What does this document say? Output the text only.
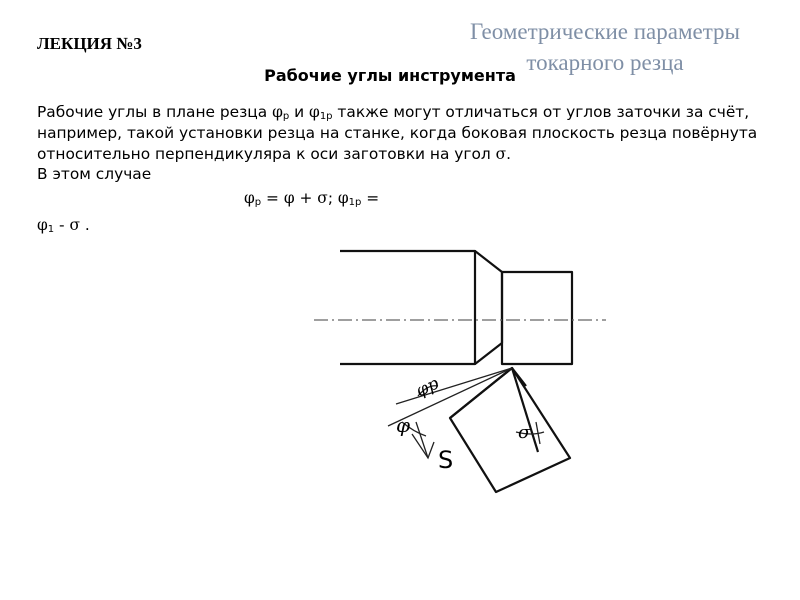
ЛЕКЦИЯ №3	Геометрические параметры токарного резца
Рабочие углы инструмента
Рабочие углы в плане резца $\varphi_р$ и $\varphi_{1р}$ также могут отличаться от углов заточки за счёт, например, такой установки резца на станке, когда боковая плоскость резца повёрнута относительно перпендикуляра к оси заготовки на угол σ.
В этом случае
$\varphi_р = \varphi + \sigma$; $\varphi_{1р}$ =
$\varphi_1$ - σ .
S
φр
φ	σ
